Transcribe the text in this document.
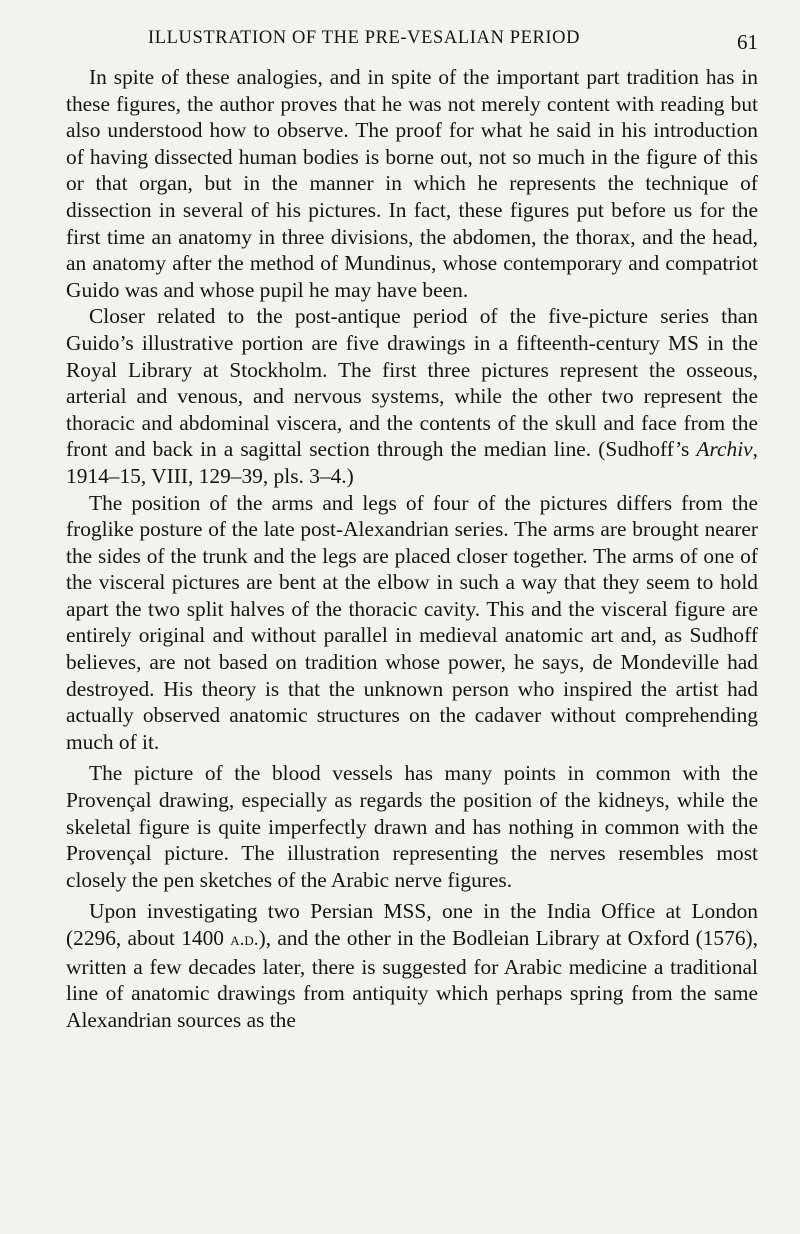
ILLUSTRATION OF THE PRE-VESALIAN PERIOD	61

In spite of these analogies, and in spite of the important part tradition has in these figures, the author proves that he was not merely content with reading but also understood how to observe. The proof for what he said in his introduction of having dissected human bodies is borne out, not so much in the figure of this or that organ, but in the manner in which he represents the technique of dissection in several of his pictures. In fact, these figures put before us for the first time an anatomy in three divisions, the abdomen, the thorax, and the head, an anatomy after the method of Mundinus, whose contemporary and compatriot Guido was and whose pupil he may have been.

Closer related to the post-antique period of the five-picture series than Guido’s illustrative portion are five drawings in a fifteenth-century MS in the Royal Library at Stockholm. The first three pictures represent the osseous, arterial and venous, and nervous systems, while the other two represent the thoracic and abdominal viscera, and the contents of the skull and face from the front and back in a sagittal section through the median line. (Sudhoff’s Archiv, 1914–15, VIII, 129–39, pls. 3–4.)

The position of the arms and legs of four of the pictures differs from the froglike posture of the late post-Alexandrian series. The arms are brought nearer the sides of the trunk and the legs are placed closer together. The arms of one of the visceral pictures are bent at the elbow in such a way that they seem to hold apart the two split halves of the thoracic cavity. This and the visceral figure are entirely original and without parallel in medieval anatomic art and, as Sudhoff believes, are not based on tradition whose power, he says, de Mondeville had destroyed. His theory is that the unknown person who inspired the artist had actually observed anatomic structures on the cadaver without comprehending much of it.

The picture of the blood vessels has many points in common with the Provençal drawing, especially as regards the position of the kidneys, while the skeletal figure is quite imperfectly drawn and has nothing in common with the Provençal picture. The illustration representing the nerves resembles most closely the pen sketches of the Arabic nerve figures.

Upon investigating two Persian MSS, one in the India Office at London (2296, about 1400 a.d.), and the other in the Bodleian Library at Oxford (1576), written a few decades later, there is suggested for Arabic medicine a traditional line of anatomic drawings from antiquity which perhaps spring from the same Alexandrian sources as the
